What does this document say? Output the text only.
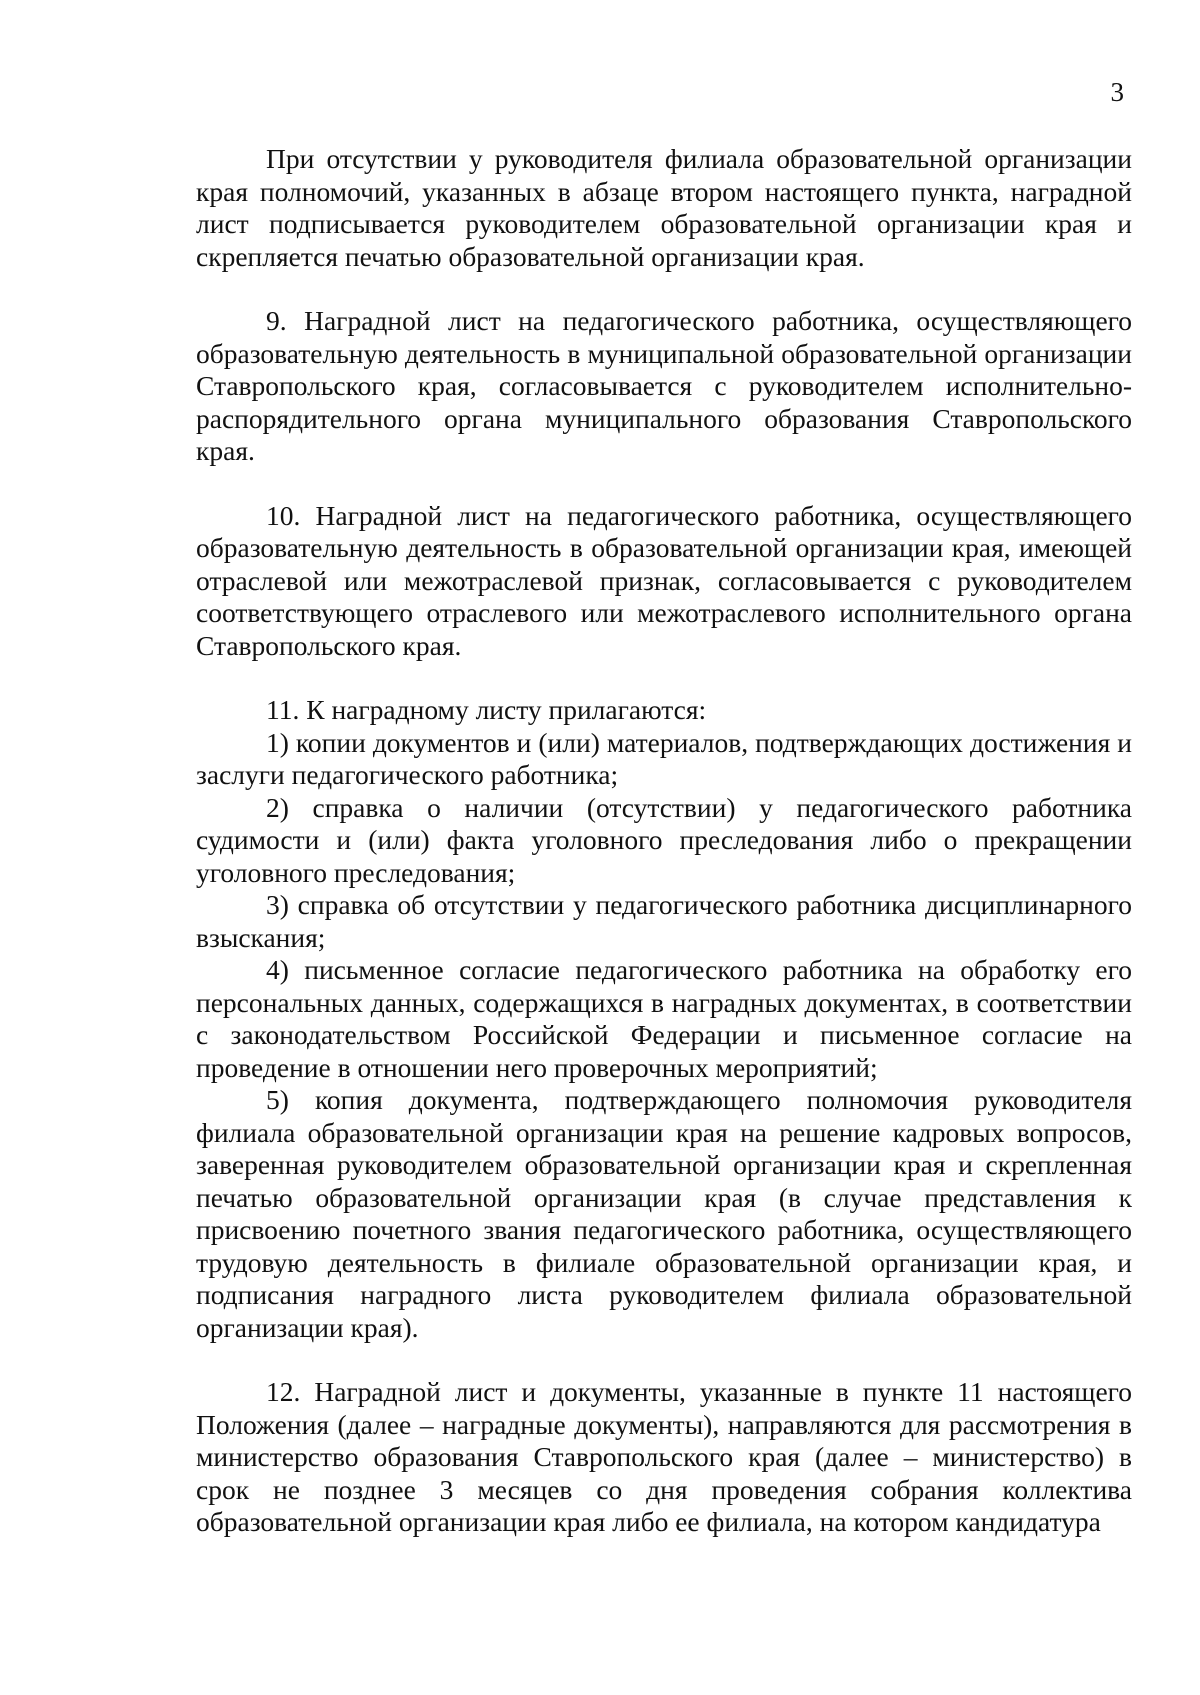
3

При отсутствии у руководителя филиала образовательной организации края полномочий, указанных в абзаце втором настоящего пункта, наградной лист подписывается руководителем образовательной организации края и скрепляется печатью образовательной организации края.

9. Наградной лист на педагогического работника, осуществляющего образовательную деятельность в муниципальной образовательной организации Ставропольского края, согласовывается с руководителем исполнительно-распорядительного органа муниципального образования Ставропольского края.

10. Наградной лист на педагогического работника, осуществляющего образовательную деятельность в образовательной организации края, имеющей отраслевой или межотраслевой признак, согласовывается с руководителем соответствующего отраслевого или межотраслевого исполнительного органа Ставропольского края.

11. К наградному листу прилагаются:

1) копии документов и (или) материалов, подтверждающих достижения и заслуги педагогического работника;

2) справка о наличии (отсутствии) у педагогического работника судимости и (или) факта уголовного преследования либо о прекращении уголовного преследования;

3) справка об отсутствии у педагогического работника дисциплинарного взыскания;

4) письменное согласие педагогического работника на обработку его персональных данных, содержащихся в наградных документах, в соответствии с законодательством Российской Федерации и письменное согласие на проведение в отношении него проверочных мероприятий;

5) копия документа, подтверждающего полномочия руководителя филиала образовательной организации края на решение кадровых вопросов, заверенная руководителем образовательной организации края и скрепленная печатью образовательной организации края (в случае представления к присвоению почетного звания педагогического работника, осуществляющего трудовую деятельность в филиале образовательной организации края, и подписания наградного листа руководителем филиала образовательной организации края).

12. Наградной лист и документы, указанные в пункте 11 настоящего Положения (далее – наградные документы), направляются для рассмотрения в министерство образования Ставропольского края (далее – министерство) в срок не позднее 3 месяцев со дня проведения собрания коллектива образовательной организации края либо ее филиала, на котором кандидатура
